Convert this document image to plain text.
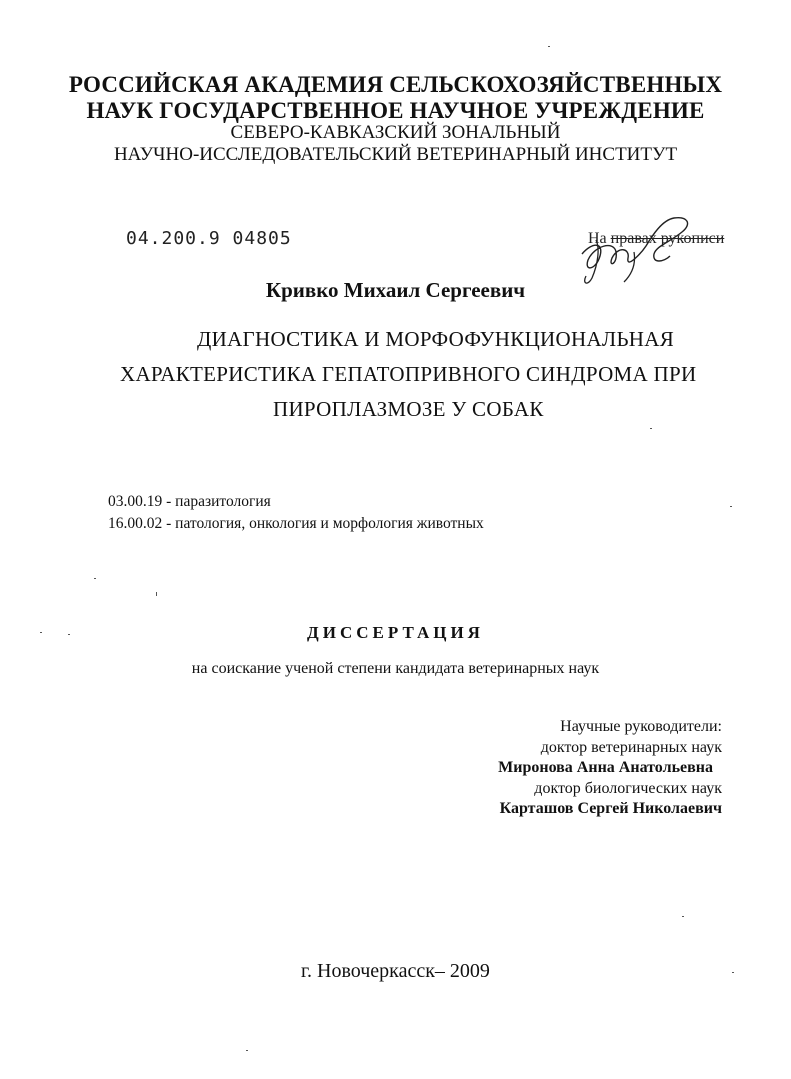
РОССИЙСКАЯ АКАДЕМИЯ СЕЛЬСКОХОЗЯЙСТВЕННЫХ
НАУК ГОСУДАРСТВЕННОЕ НАУЧНОЕ УЧРЕЖДЕНИЕ
СЕВЕРО-КАВКАЗСКИЙ ЗОНАЛЬНЫЙ
НАУЧНО-ИССЛЕДОВАТЕЛЬСКИЙ ВЕТЕРИНАРНЫЙ ИНСТИТУТ
04.200.9 04805	На правах рукописи
Кривко Михаил Сергеевич
ДИАГНОСТИКА И МОРФОФУНКЦИОНАЛЬНАЯ
ХАРАКТЕРИСТИКА ГЕПАТОПРИВНОГО СИНДРОМА ПРИ
ПИРОПЛАЗМОЗЕ У СОБАК
03.00.19 - паразитология
16.00.02 - патология, онкология и морфология животных
ДИССЕРТАЦИЯ
на соискание ученой степени кандидата ветеринарных наук
Научные руководители:
доктор ветеринарных наук
Миронова Анна Анатольевна
доктор биологических наук
Карташов Сергей Николаевич
г. Новочеркасск– 2009
